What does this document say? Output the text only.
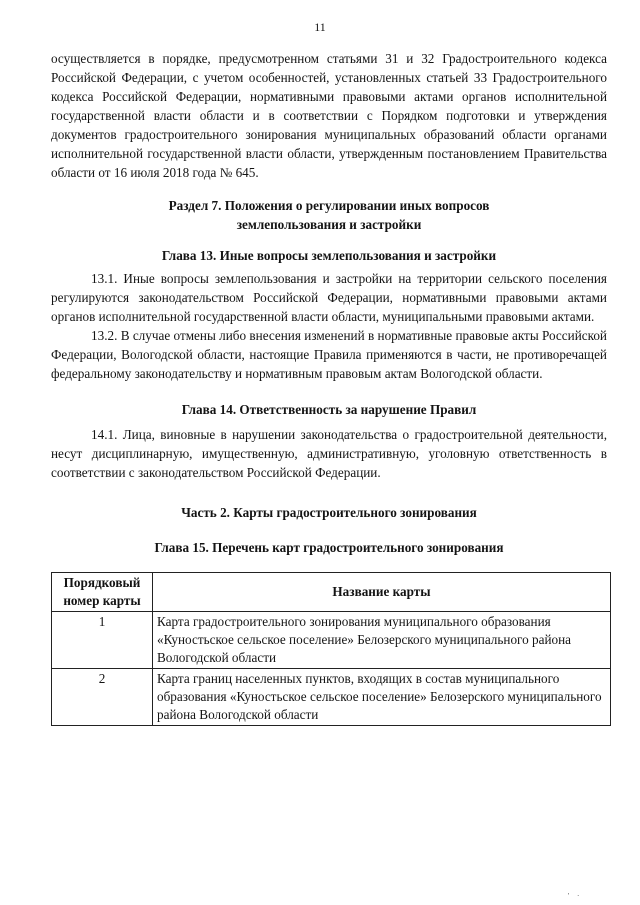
11

осуществляется в порядке, предусмотренном статьями 31 и 32 Градостроительного кодекса Российской Федерации, с учетом особенностей, установленных статьей 33 Градостроительного кодекса Российской Федерации, нормативными правовыми актами органов исполнительной государственной власти области и в соответствии с Порядком подготовки и утверждения документов градостроительного зонирования муниципальных образований области органами исполнительной государственной власти области, утвержденным постановлением Правительства области от 16 июля 2018 года № 645.

Раздел 7. Положения о регулировании иных вопросов землепользования и застройки
Глава 13. Иные вопросы землепользования и застройки

13.1. Иные вопросы землепользования и застройки на территории сельского поселения регулируются законодательством Российской Федерации, нормативными правовыми актами органов исполнительной государственной власти области, муниципальными правовыми актами.

13.2. В случае отмены либо внесения изменений в нормативные правовые акты Российской Федерации, Вологодской области, настоящие Правила применяются в части, не противоречащей федеральному законодательству и нормативным правовым актам Вологодской области.

Глава 14. Ответственность за нарушение Правил

14.1. Лица, виновные в нарушении законодательства о градостроительной деятельности, несут дисциплинарную, имущественную, административную, уголовную ответственность в соответствии с законодательством Российской Федерации.

Часть 2. Карты градостроительного зонирования
Глава 15. Перечень карт градостроительного зонирования
Порядковый номер карты	Название карты
1	Карта градостроительного зонирования муниципального образования «Куностьское сельское поселение» Белозерского муниципального района Вологодской области
2	Карта границ населенных пунктов, входящих в состав муниципального образования «Куностьское сельское поселение» Белозерского муниципального района Вологодской области
' ·
